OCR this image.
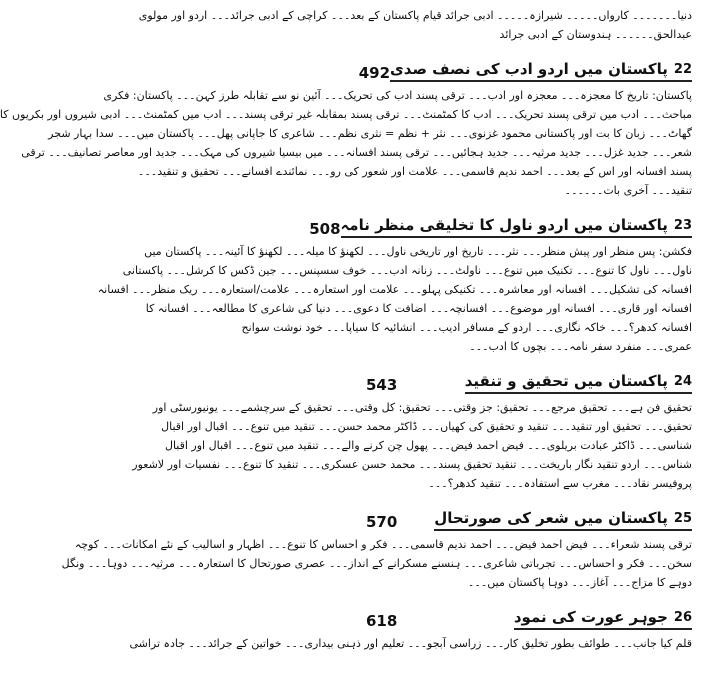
دنیا۔۔۔۔۔۔۔ کارواں۔۔۔۔۔ شیرازہ۔۔۔۔۔ ادبی جرائد قیام پاکستان کے بعد۔۔۔ کراچی کے ادبی جرائد۔۔۔ اردو اور مولوی
عبدالحق۔۔۔۔۔۔ ہندوستان کے ادبی جرائد
22
پاکستان میں اردو ادب کی نصف صدی
492
پاکستان: تاریخ کا معجزہ۔۔۔ معجزہ اور ادب۔۔۔ ترقی پسند ادب کی تحریک۔۔۔ آئین نو سے تقابلہ طرز کہن۔۔۔ پاکستان: فکری
مباحث۔۔۔ ادب میں ترقی پسند تحریک۔۔۔ ادب کا کمٹمنٹ۔۔۔ ترقی پسند بمقابلہ غیر ترقی پسند۔۔۔ ادب میں کمٹمنٹ۔۔۔ ادبی شیروں اور بکریوں کا
گھاٹ۔۔۔ زبان کا بت اور پاکستانی محمود غزنوی۔۔۔ نثر + نظم = نثری نظم۔۔۔ شاعری کا جاپانی پھل۔۔۔ پاکستان میں۔۔۔ سدا بہار شجر
شعر۔۔۔ جدید غزل۔۔۔ جدید مرثیہ۔۔۔ جدید ہجائیں۔۔۔ ترقی پسند افسانہ۔۔۔ میں بیسیا شیروں کی مہک۔۔۔ جدید اور معاصر تصانیف۔۔۔ ترقی
پسند افسانہ اور اس کے بعد۔۔۔ احمد ندیم قاسمی۔۔۔ علامت اور شعور کی رو۔۔۔ نمائندے افسانے۔۔۔ تحقیق و تنقید۔۔۔
تنقید۔۔۔ آخری بات۔۔۔۔۔۔
23
پاکستان میں اردو ناول کا تخلیقی منظر نامہ
508
فکشن: پس منظر اور پیش منظر۔۔۔ نثر۔۔۔ تاریخ اور تاریخی ناول۔۔۔ لکھنؤ کا میلہ۔۔۔ لکھنؤ کا آئینہ۔۔۔ پاکستان میں
ناول۔۔۔ ناول کا تنوع۔۔۔ تکنیک میں تنوع۔۔۔ ناولٹ۔۔۔ زنانہ ادب۔۔۔ خوف سسپنس۔۔۔ جین ڈکس کا کرشل۔۔۔ پاکستانی
افسانہ کی تشکیل۔۔۔ افسانہ اور معاشرہ۔۔۔ تکنیکی پہلو۔۔۔ علامت اور استعارہ۔۔۔ علامت/استعارہ۔۔۔ ریک منظر۔۔۔ افسانہ
افسانہ اور قاری۔۔۔ افسانہ اور موضوع۔۔۔ افسانچہ۔۔۔ اضافت کا دعوی۔۔۔ دنیا کی شاعری کا مطالعہ۔۔۔ افسانہ کا
افسانہ کدھر؟۔۔۔ خاکہ نگاری۔۔۔ اردو کے مسافر ادیب۔۔۔ انشائیہ کا سیاپا۔۔۔ خود نوشت سوانح
عمری۔۔۔ منفرد سفر نامہ۔۔۔ بچوں کا ادب۔۔۔
24
پاکستان میں تحقیق و تنقید
543
تحقیق فن ہے۔۔۔ تحقیق مرجع۔۔۔ تحقیق: جز وقتی۔۔۔ تحقیق: کل وقتی۔۔۔ تحقیق کے سرچشمے۔۔۔ یونیورسٹی اور
تحقیق۔۔۔ تحقیق اور تنقید۔۔۔ تنقید و تحقیق کی کھیاں۔۔۔ ڈاکٹر محمد حسن۔۔۔ تنقید میں تنوع۔۔۔ اقبال اور اقبال
شناسی۔۔۔ ڈاکٹر عبادت بریلوی۔۔۔ فیض احمد فیض۔۔۔ پھول چن کرنے والے۔۔۔ تنقید میں تنوع۔۔۔ اقبال اور اقبال
شناس۔۔۔ اردو تنقید نگار باریخت۔۔۔ تنقید تحقیق پسند۔۔۔ محمد حسن عسکری۔۔۔ تنقید کا تنوع۔۔۔ نفسیات اور لاشعور
پروفیسر نقاد۔۔۔ مغرب سے استفادہ۔۔۔ تنقید کدھر؟۔۔۔
25
پاکستان میں شعر کی صورتحال
570
ترقی پسند شعراء۔۔۔ فیض احمد فیض۔۔۔ احمد ندیم قاسمی۔۔۔ فکر و احساس کا تنوع۔۔۔ اظہار و اسالیب کے نئے امکانات۔۔۔ کوچہ
سخن۔۔۔ فکر و احساس۔۔۔ تجرباتی شاعری۔۔۔ ہنسنے مسکرانے کے انداز۔۔۔ عصری صورتحال کا استعارہ۔۔۔ مرثیہ۔۔۔ دوہا۔۔۔ ونگل
دوہے کا مزاج۔۔۔ آغاز۔۔۔ دوہا پاکستان میں۔۔۔
26
جوہر عورت کی نمود
618
قلم کیا جانب۔۔۔ طوائف بطور تخلیق کار۔۔۔ زراسی آبجو۔۔۔ تعلیم اور ذہنی بیداری۔۔۔ خواتین کے جرائد۔۔۔ جادہ تراشی
